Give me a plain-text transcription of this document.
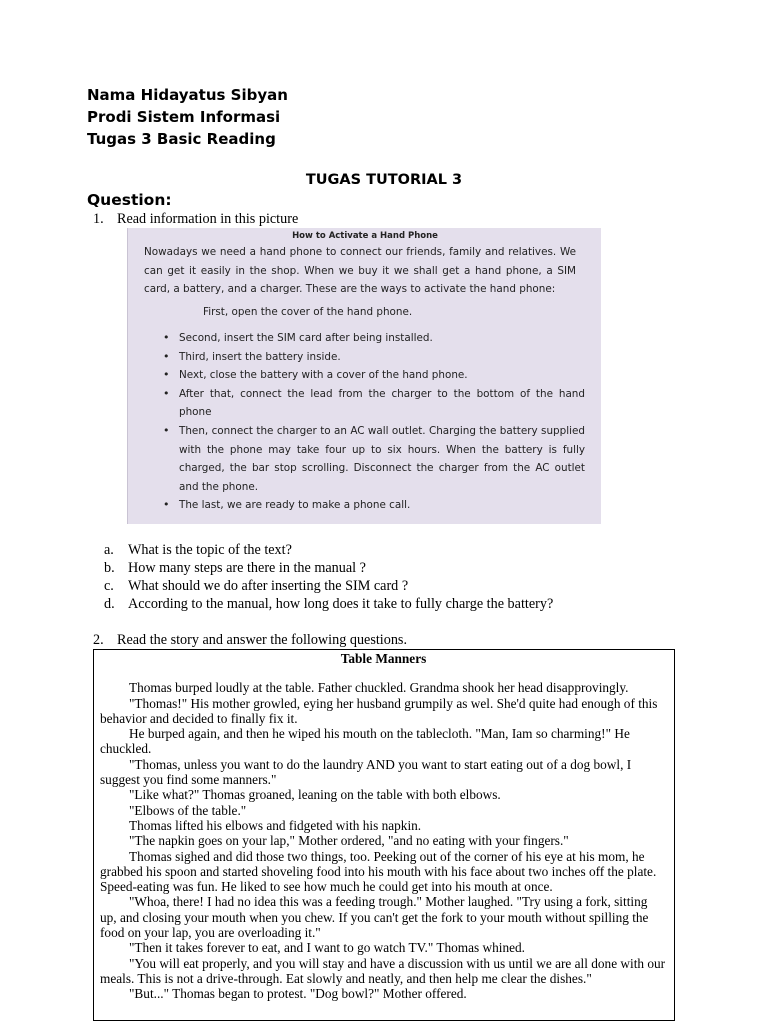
Nama Hidayatus Sibyan
Prodi Sistem Informasi
Tugas 3 Basic Reading
TUGAS TUTORIAL 3
Question:
1. Read information in this picture
How to Activate a Hand Phone
Nowadays we need a hand phone to connect our friends, family and relatives. We can get it easily in the shop. When we buy it we shall get a hand phone, a SIM card, a battery, and a charger. These are the ways to activate the hand phone:
First, open the cover of the hand phone.
• Second, insert the SIM card after being installed.
• Third, insert the battery inside.
• Next, close the battery with a cover of the hand phone.
• After that, connect the lead from the charger to the bottom of the hand phone
• Then, connect the charger to an AC wall outlet. Charging the battery supplied with the phone may take four up to six hours. When the battery is fully charged, the bar stop scrolling. Disconnect the charger from the AC outlet and the phone.
• The last, we are ready to make a phone call.
a. What is the topic of the text?
b. How many steps are there in the manual ?
c. What should we do after inserting the SIM card ?
d. According to the manual, how long does it take to fully charge the battery?
2. Read the story and answer the following questions.
Table Manners

Thomas burped loudly at the table. Father chuckled. Grandma shook her head disapprovingly.

"Thomas!" His mother growled, eying her husband grumpily as wel. She'd quite had enough of this behavior and decided to finally fix it.

He burped again, and then he wiped his mouth on the tablecloth. "Man, Iam so charming!" He chuckled.

"Thomas, unless you want to do the laundry AND you want to start eating out of a dog bowl, I suggest you find some manners."

"Like what?" Thomas groaned, leaning on the table with both elbows.

"Elbows of the table."

Thomas lifted his elbows and fidgeted with his napkin.

"The napkin goes on your lap," Mother ordered, "and no eating with your fingers."

Thomas sighed and did those two things, too. Peeking out of the corner of his eye at his mom, he grabbed his spoon and started shoveling food into his mouth with his face about two inches off the plate. Speed-eating was fun. He liked to see how much he could get into his mouth at once.

"Whoa, there! I had no idea this was a feeding trough." Mother laughed. "Try using a fork, sitting up, and closing your mouth when you chew. If you can't get the fork to your mouth without spilling the food on your lap, you are overloading it."

"Then it takes forever to eat, and I want to go watch TV." Thomas whined.

"You will eat properly, and you will stay and have a discussion with us until we are all done with our meals. This is not a drive-through. Eat slowly and neatly, and then help me clear the dishes."

"But..." Thomas began to protest. "Dog bowl?" Mother offered.
